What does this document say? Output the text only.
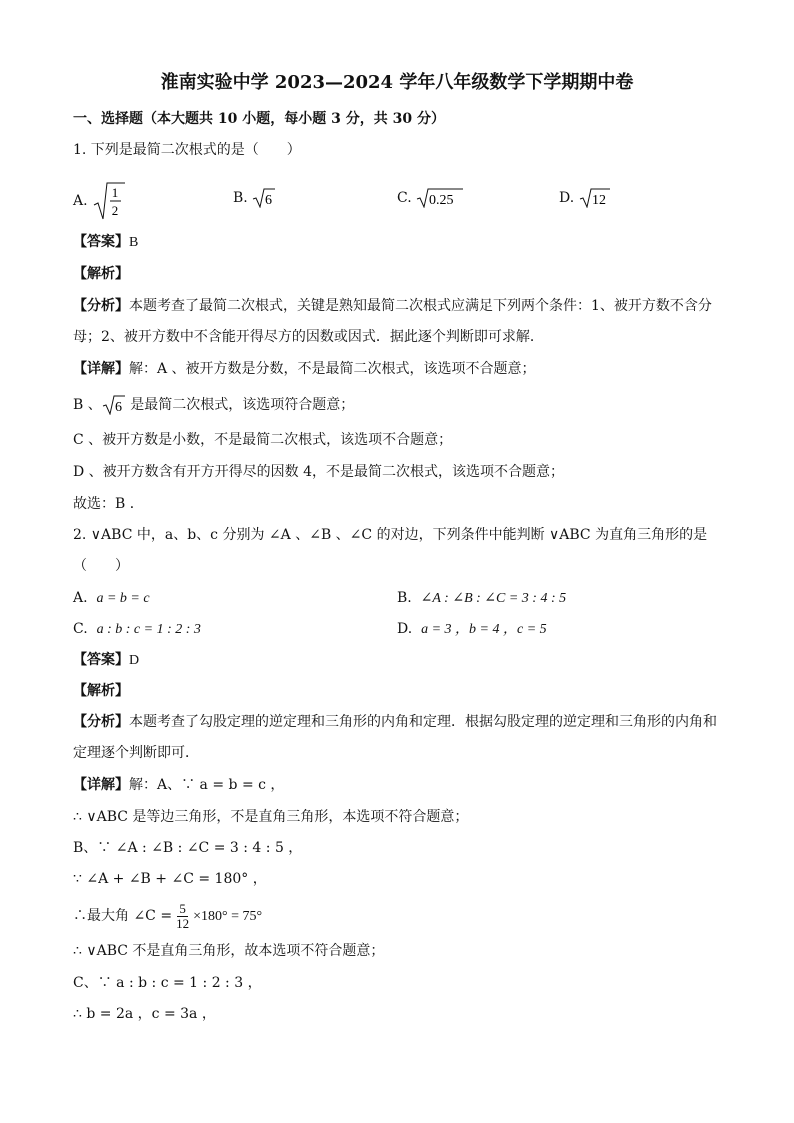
淮南实验中学 2023—2024 学年八年级数学下学期期中卷
一、选择题（本大题共 10 小题，每小题 3 分，共 30 分）
1. 下列是最简二次根式的是（　　）
A.
1
2
B. 6	C. 0.25	D. 12
【答案】B
【解析】
【分析】本题考查了最简二次根式，关键是熟知最简二次根式应满足下列两个条件：1、被开方数不含分
母；2、被开方数中不含能开得尽方的因数或因式．据此逐个判断即可求解．
【详解】解：A 、被开方数是分数，不是最简二次根式，该选项不合题意；
B 、 6 是最简二次根式，该选项符合题意；
C 、被开方数是小数，不是最简二次根式，该选项不合题意；
D 、被开方数含有开方开得尽的因数 4，不是最简二次根式，该选项不合题意；
故选：B ．
2. ∨ABC 中，a、b、c 分别为 ∠A 、∠B 、∠C 的对边，下列条件中能判断 ∨ABC 为直角三角形的是
（　　）
A. a = b = c	B. ∠A : ∠B : ∠C = 3 : 4 : 5
C. a : b : c = 1 : 2 : 3	D. a = 3 ，b = 4 ，c = 5
【答案】D
【解析】
【分析】本题考查了勾股定理的逆定理和三角形的内角和定理．根据勾股定理的逆定理和三角形的内角和
定理逐个判断即可．
【详解】解：A、∵ a = b = c ，
∴ ∨ABC 是等边三角形，不是直角三角形，本选项不符合题意；
B、∵ ∠A : ∠B : ∠C = 3 : 4 : 5 ，
∵ ∠A + ∠B + ∠C = 180° ，
∴最大角 ∠C = $\frac{5}{12} \times 180^\circ = 75^\circ$
∴ ∨ABC 不是直角三角形，故本选项不符合题意；
C、∵ a : b : c = 1 : 2 : 3 ，
∴ b = 2a ，c = 3a ，
